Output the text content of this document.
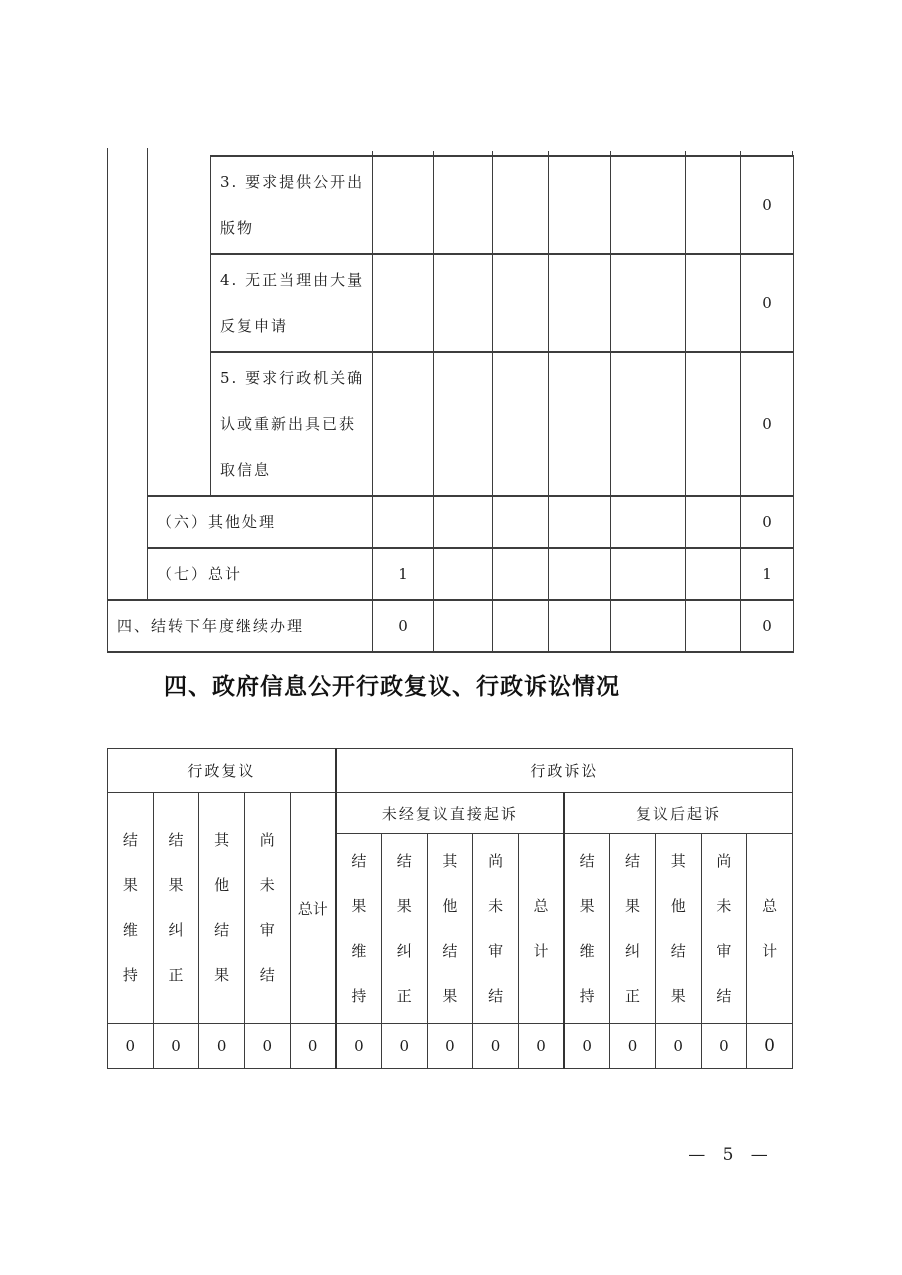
		3. 要求提供公开出版物							0
		4. 无正当理由大量反复申请							0
		5. 要求行政机关确认或重新出具已获取信息							0
	（六）其他处理								0
	（七）总计		1						1
四、结转下年度继续办理			0						0
四、政府信息公开行政复议、行政诉讼情况
行政复议					行政诉讼									

结果维持	结果纠正	其他结果	尚未审结	总计	未经复议直接起诉					复议后起诉				

					结果维持	结果纠正	其他结果	尚未审结	总计	结果维持	结果纠正	其他结果	尚未审结	总计

0	0	0	0	0	0	0	0	0	0	0	0	0	0	0
— 5 —
